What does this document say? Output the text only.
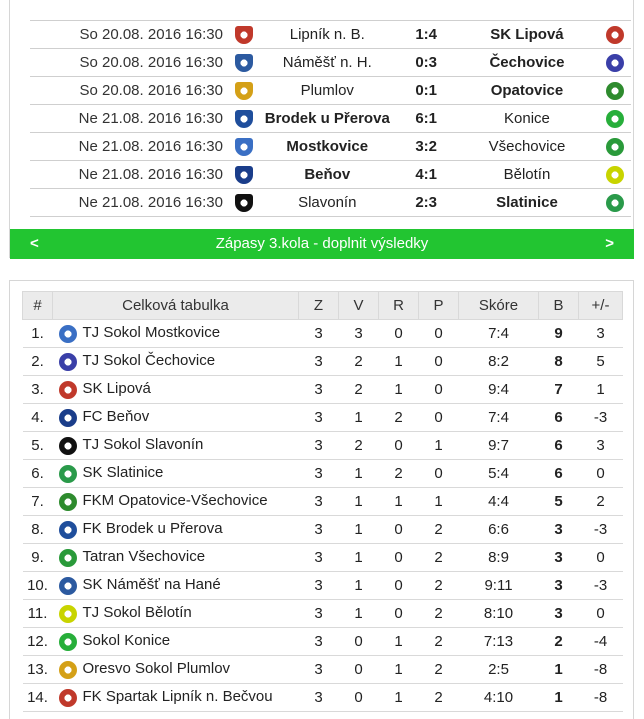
So 20.08. 2016 16:30		Lipník n. B.	1:4	SK Lipová	
So 20.08. 2016 16:30		Náměšť n. H.	0:3	Čechovice	
So 20.08. 2016 16:30		Plumlov	0:1	Opatovice	
Ne 21.08. 2016 16:30		Brodek u Přerova	6:1	Konice	
Ne 21.08. 2016 16:30		Mostkovice	3:2	Všechovice	
Ne 21.08. 2016 16:30		Beňov	4:1	Bělotín	
Ne 21.08. 2016 16:30		Slavonín	2:3	Slatinice	
<	Zápasy 3.kola - doplnit výsledky	>
#	Celková tabulka	Z	V	R	P	Skóre	B	+/-
1.	TJ Sokol Mostkovice	3	3	0	0	7:4	9	3
2.	TJ Sokol Čechovice	3	2	1	0	8:2	8	5
3.	SK Lipová	3	2	1	0	9:4	7	1
4.	FC Beňov	3	1	2	0	7:4	6	-3
5.	TJ Sokol Slavonín	3	2	0	1	9:7	6	3
6.	SK Slatinice	3	1	2	0	5:4	6	0
7.	FKM Opatovice-Všechovice	3	1	1	1	4:4	5	2
8.	FK Brodek u Přerova	3	1	0	2	6:6	3	-3
9.	Tatran Všechovice	3	1	0	2	8:9	3	0
10.	SK Náměšť na Hané	3	1	0	2	9:11	3	-3
11.	TJ Sokol Bělotín	3	1	0	2	8:10	3	0
12.	Sokol Konice	3	0	1	2	7:13	2	-4
13.	Oresvo Sokol Plumlov	3	0	1	2	2:5	1	-8
14.	FK Spartak Lipník n. Bečvou	3	0	1	2	4:10	1	-8
